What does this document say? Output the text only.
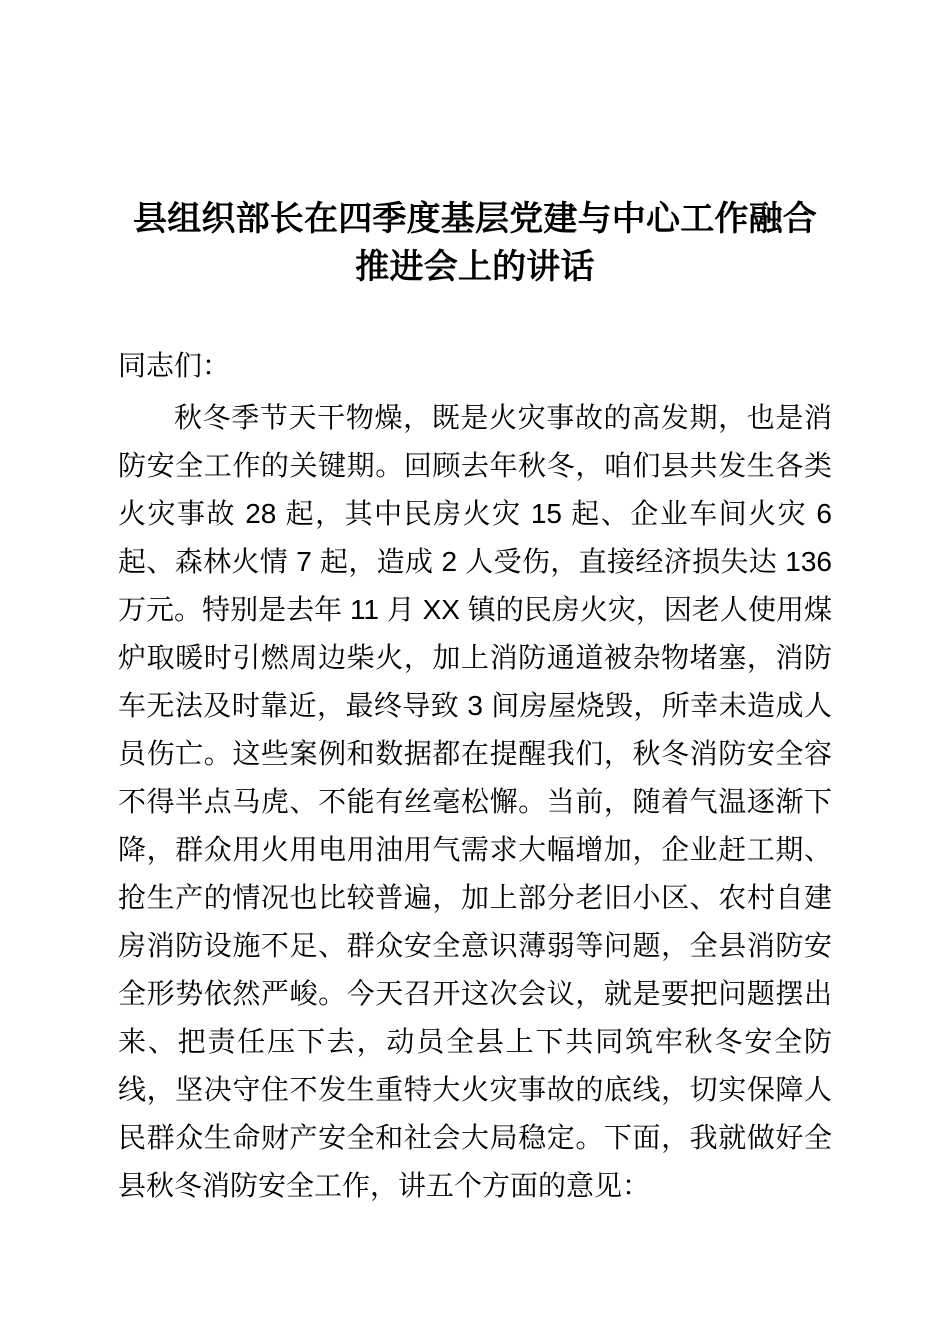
县组织部长在四季度基层党建与中心工作融合推进会上的讲话

同志们：

秋冬季节天干物燥，既是火灾事故的高发期，也是消防安全工作的关键期。回顾去年秋冬，咱们县共发生各类火灾事故 28 起，其中民房火灾 15 起、企业车间火灾 6 起、森林火情 7 起，造成 2 人受伤，直接经济损失达 136 万元。特别是去年 11 月 XX 镇的民房火灾，因老人使用煤炉取暖时引燃周边柴火，加上消防通道被杂物堵塞，消防车无法及时靠近，最终导致 3 间房屋烧毁，所幸未造成人员伤亡。这些案例和数据都在提醒我们，秋冬消防安全容不得半点马虎、不能有丝毫松懈。当前，随着气温逐渐下降，群众用火用电用油用气需求大幅增加，企业赶工期、抢生产的情况也比较普遍，加上部分老旧小区、农村自建房消防设施不足、群众安全意识薄弱等问题，全县消防安全形势依然严峻。今天召开这次会议，就是要把问题摆出来、把责任压下去，动员全县上下共同筑牢秋冬安全防线，坚决守住不发生重特大火灾事故的底线，切实保障人民群众生命财产安全和社会大局稳定。下面，我就做好全县秋冬消防安全工作，讲五个方面的意见：
